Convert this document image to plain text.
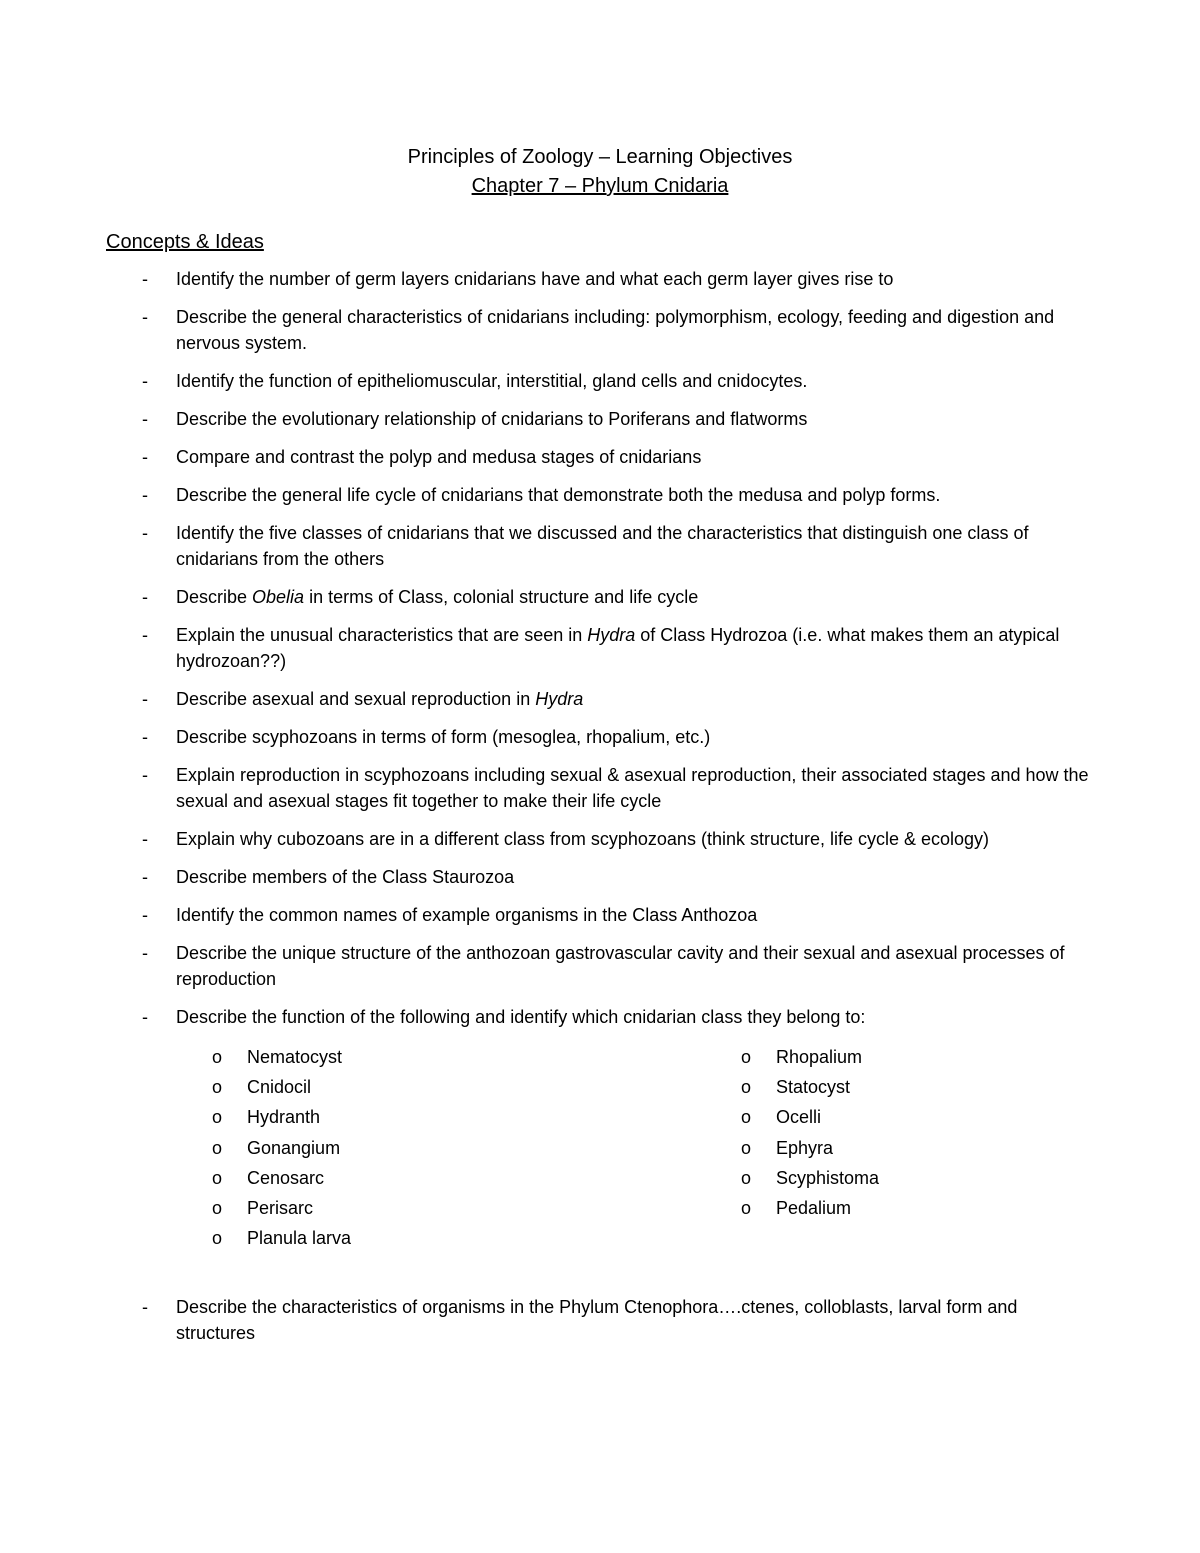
Principles of Zoology – Learning Objectives
Chapter 7 – Phylum Cnidaria
Concepts & Ideas
- Identify the number of germ layers cnidarians have and what each germ layer gives rise to
- Describe the general characteristics of cnidarians including: polymorphism, ecology, feeding and digestion and nervous system.
- Identify the function of epitheliomuscular, interstitial, gland cells and cnidocytes.
- Describe the evolutionary relationship of cnidarians to Poriferans and flatworms
- Compare and contrast the polyp and medusa stages of cnidarians
- Describe the general life cycle of cnidarians that demonstrate both the medusa and polyp forms.
- Identify the five classes of cnidarians that we discussed and the characteristics that distinguish one class of cnidarians from the others
- Describe Obelia in terms of Class, colonial structure and life cycle
- Explain the unusual characteristics that are seen in Hydra of Class Hydrozoa (i.e. what makes them an atypical hydrozoan??)
- Describe asexual and sexual reproduction in Hydra
- Describe scyphozoans in terms of form (mesoglea, rhopalium, etc.)
- Explain reproduction in scyphozoans including sexual & asexual reproduction, their associated stages and how the sexual and asexual stages fit together to make their life cycle
- Explain why cubozoans are in a different class from scyphozoans (think structure, life cycle & ecology)
- Describe members of the Class Staurozoa
- Identify the common names of example organisms in the Class Anthozoa
- Describe the unique structure of the anthozoan gastrovascular cavity and their sexual and asexual processes of reproduction
- Describe the function of the following and identify which cnidarian class they belong to:
o Nematocyst
o Cnidocil
o Hydranth
o Gonangium
o Cenosarc
o Perisarc
o Planula larva
o Rhopalium
o Statocyst
o Ocelli
o Ephyra
o Scyphistoma
o Pedalium
- Describe the characteristics of organisms in the Phylum Ctenophora….ctenes, colloblasts, larval form and structures
